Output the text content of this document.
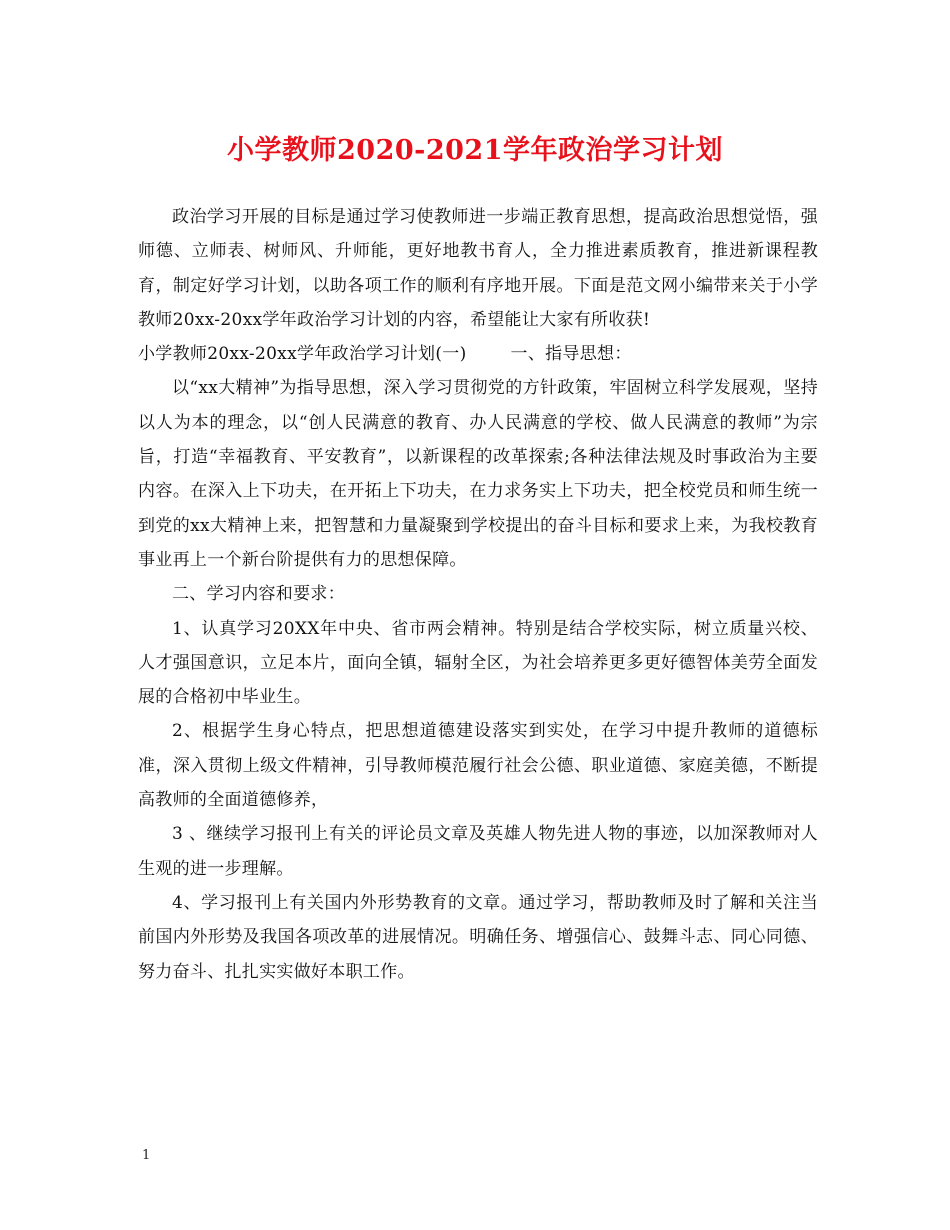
小学教师2020-2021学年政治学习计划

政治学习开展的目标是通过学习使教师进一步端正教育思想，提高政治思想觉悟，强师德、立师表、树师风、升师能，更好地教书育人，全力推进素质教育，推进新课程教育，制定好学习计划，以助各项工作的顺利有序地开展。下面是范文网小编带来关于小学教师20xx-20xx学年政治学习计划的内容，希望能让大家有所收获!

小学教师20xx-20xx学年政治学习计划(一)	一、指导思想：

以“xx大精神”为指导思想，深入学习贯彻党的方针政策，牢固树立科学发展观，坚持以人为本的理念，以“创人民满意的教育、办人民满意的学校、做人民满意的教师”为宗旨，打造“幸福教育、平安教育”，以新课程的改革探索;各种法律法规及时事政治为主要内容。在深入上下功夫，在开拓上下功夫，在力求务实上下功夫，把全校党员和师生统一到党的xx大精神上来，把智慧和力量凝聚到学校提出的奋斗目标和要求上来，为我校教育事业再上一个新台阶提供有力的思想保障。

二、学习内容和要求：

1、认真学习20XX年中央、省市两会精神。特别是结合学校实际，树立质量兴校、人才强国意识，立足本片，面向全镇，辐射全区，为社会培养更多更好德智体美劳全面发展的合格初中毕业生。

2、根据学生身心特点，把思想道德建设落实到实处，在学习中提升教师的道德标准，深入贯彻上级文件精神，引导教师模范履行社会公德、职业道德、家庭美德，不断提高教师的全面道德修养，

3 、继续学习报刊上有关的评论员文章及英雄人物先进人物的事迹，以加深教师对人生观的进一步理解。

4、学习报刊上有关国内外形势教育的文章。通过学习，帮助教师及时了解和关注当前国内外形势及我国各项改革的进展情况。明确任务、增强信心、鼓舞斗志、同心同德、努力奋斗、扎扎实实做好本职工作。

1
